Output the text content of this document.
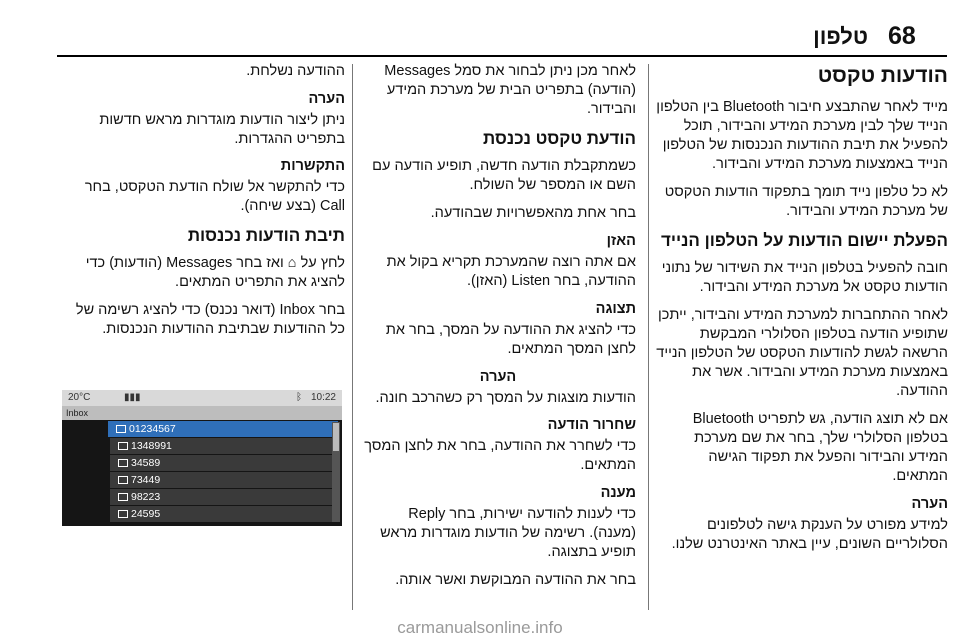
68
טלפון
הודעות טקסט

מייד לאחר שהתבצע חיבור Bluetooth בין הטלפון הנייד שלך לבין מערכת המידע והבידור, תוכל להפעיל את תיבת ההודעות הנכנסות של הטלפון הנייד באמצעות מערכת המידע והבידור.

לא כל טלפון נייד תומך בתפקוד הודעות הטקסט של מערכת המידע והבידור.

הפעלת יישום הודעות על הטלפון הנייד

חובה להפעיל בטלפון הנייד את השידור של נתוני הודעות טקסט אל מערכת המידע והבידור.

לאחר ההתחברות למערכת המידע והבידור, ייתכן שתופיע הודעה בטלפון הסלולרי המבקשת הרשאה לגשת להודעות הטקסט של הטלפון הנייד באמצעות מערכת המידע והבידור. אשר את ההודעה.

אם לא תוצג הודעה, גש לתפריט Bluetooth בטלפון הסלולרי שלך, בחר את שם מערכת המידע והבידור והפעל את תפקוד הגישה המתאים.

הערה
למידע מפורט על הענקת גישה לטלפונים הסלולריים השונים, עיין באתר האינטרנט שלנו.

לאחר מכן ניתן לבחור את סמל Messages (הודעה) בתפריט הבית של מערכת המידע והבידור.

הודעת טקסט נכנסת

כשמתקבלת הודעה חדשה, תופיע הודעה עם השם או המספר של השולח.

בחר אחת מהאפשרויות שבהודעה.

האזן

אם אתה רוצה שהמערכת תקריא בקול את ההודעה, בחר Listen (האזן).

תצוגה

כדי להציג את ההודעה על המסך, בחר את לחצן המסך המתאים.

הערה
הודעות מוצגות על המסך רק כשהרכב חונה.
שחרור הודעה

כדי לשחרר את ההודעה, בחר את לחצן המסך המתאים.

מענה

כדי לענות להודעה ישירות, בחר Reply (מענה). רשימה של הודעות מוגדרות מראש תופיע בתצוגה.

בחר את ההודעה המבוקשת ואשר אותה.

ההודעה נשלחת.

הערה
ניתן ליצור הודעות מוגדרות מראש חדשות בתפריט ההגדרות.
התקשרות

כדי להתקשר אל שולח הודעת הטקסט, בחר Call (בצע שיחה).

תיבת הודעות נכנסות

לחץ על ⌂ ואז בחר Messages (הודעות) כדי להציג את התפריט המתאים.

בחר Inbox (דואר נכנס) כדי להציג רשימה של כל ההודעות שבתיבת ההודעות הנכנסות.

20°C	▮▮▮	ᛒ 10:22
Inbox
01234567
1348991
34589
73449
98223
24595
carmanualsonline.info
